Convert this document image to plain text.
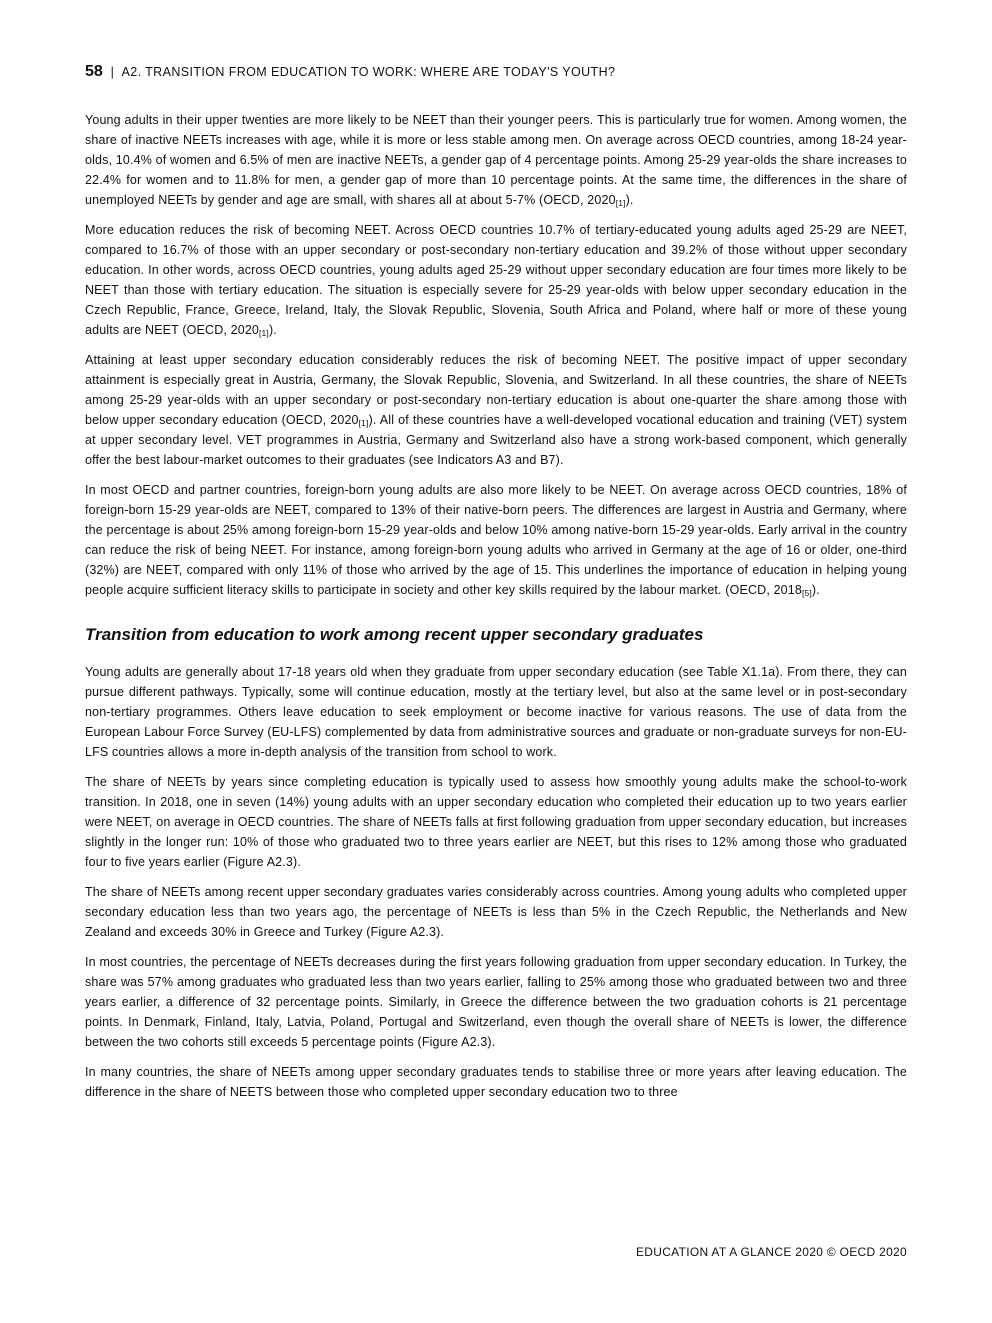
58 | A2. TRANSITION FROM EDUCATION TO WORK: WHERE ARE TODAY'S YOUTH?

Young adults in their upper twenties are more likely to be NEET than their younger peers. This is particularly true for women. Among women, the share of inactive NEETs increases with age, while it is more or less stable among men. On average across OECD countries, among 18-24 year-olds, 10.4% of women and 6.5% of men are inactive NEETs, a gender gap of 4 percentage points. Among 25-29 year-olds the share increases to 22.4% for women and to 11.8% for men, a gender gap of more than 10 percentage points. At the same time, the differences in the share of unemployed NEETs by gender and age are small, with shares all at about 5-7% (OECD, $2020_{[1]}$).

More education reduces the risk of becoming NEET. Across OECD countries 10.7% of tertiary-educated young adults aged 25-29 are NEET, compared to 16.7% of those with an upper secondary or post-secondary non-tertiary education and 39.2% of those without upper secondary education. In other words, across OECD countries, young adults aged 25-29 without upper secondary education are four times more likely to be NEET than those with tertiary education. The situation is especially severe for 25-29 year-olds with below upper secondary education in the Czech Republic, France, Greece, Ireland, Italy, the Slovak Republic, Slovenia, South Africa and Poland, where half or more of these young adults are NEET (OECD, $2020_{[1]}$).

Attaining at least upper secondary education considerably reduces the risk of becoming NEET. The positive impact of upper secondary attainment is especially great in Austria, Germany, the Slovak Republic, Slovenia, and Switzerland. In all these countries, the share of NEETs among 25-29 year-olds with an upper secondary or post-secondary non-tertiary education is about one-quarter the share among those with below upper secondary education (OECD, $2020_{[1]}$). All of these countries have a well-developed vocational education and training (VET) system at upper secondary level. VET programmes in Austria, Germany and Switzerland also have a strong work-based component, which generally offer the best labour-market outcomes to their graduates (see Indicators A3 and B7).

In most OECD and partner countries, foreign-born young adults are also more likely to be NEET. On average across OECD countries, 18% of foreign-born 15-29 year-olds are NEET, compared to 13% of their native-born peers. The differences are largest in Austria and Germany, where the percentage is about 25% among foreign-born 15-29 year-olds and below 10% among native-born 15-29 year-olds. Early arrival in the country can reduce the risk of being NEET. For instance, among foreign-born young adults who arrived in Germany at the age of 16 or older, one-third (32%) are NEET, compared with only 11% of those who arrived by the age of 15. This underlines the importance of education in helping young people acquire sufficient literacy skills to participate in society and other key skills required by the labour market. (OECD, $2018_{[5]}$).

Transition from education to work among recent upper secondary graduates

Young adults are generally about 17-18 years old when they graduate from upper secondary education (see Table X1.1a). From there, they can pursue different pathways. Typically, some will continue education, mostly at the tertiary level, but also at the same level or in post-secondary non-tertiary programmes. Others leave education to seek employment or become inactive for various reasons. The use of data from the European Labour Force Survey (EU-LFS) complemented by data from administrative sources and graduate or non-graduate surveys for non-EU-LFS countries allows a more in-depth analysis of the transition from school to work.

The share of NEETs by years since completing education is typically used to assess how smoothly young adults make the school-to-work transition. In 2018, one in seven (14%) young adults with an upper secondary education who completed their education up to two years earlier were NEET, on average in OECD countries. The share of NEETs falls at first following graduation from upper secondary education, but increases slightly in the longer run: 10% of those who graduated two to three years earlier are NEET, but this rises to 12% among those who graduated four to five years earlier (Figure A2.3).

The share of NEETs among recent upper secondary graduates varies considerably across countries. Among young adults who completed upper secondary education less than two years ago, the percentage of NEETs is less than 5% in the Czech Republic, the Netherlands and New Zealand and exceeds 30% in Greece and Turkey (Figure A2.3).

In most countries, the percentage of NEETs decreases during the first years following graduation from upper secondary education. In Turkey, the share was 57% among graduates who graduated less than two years earlier, falling to 25% among those who graduated between two and three years earlier, a difference of 32 percentage points. Similarly, in Greece the difference between the two graduation cohorts is 21 percentage points. In Denmark, Finland, Italy, Latvia, Poland, Portugal and Switzerland, even though the overall share of NEETs is lower, the difference between the two cohorts still exceeds 5 percentage points (Figure A2.3).

In many countries, the share of NEETs among upper secondary graduates tends to stabilise three or more years after leaving education. The difference in the share of NEETS between those who completed upper secondary education two to three

EDUCATION AT A GLANCE 2020 © OECD 2020
